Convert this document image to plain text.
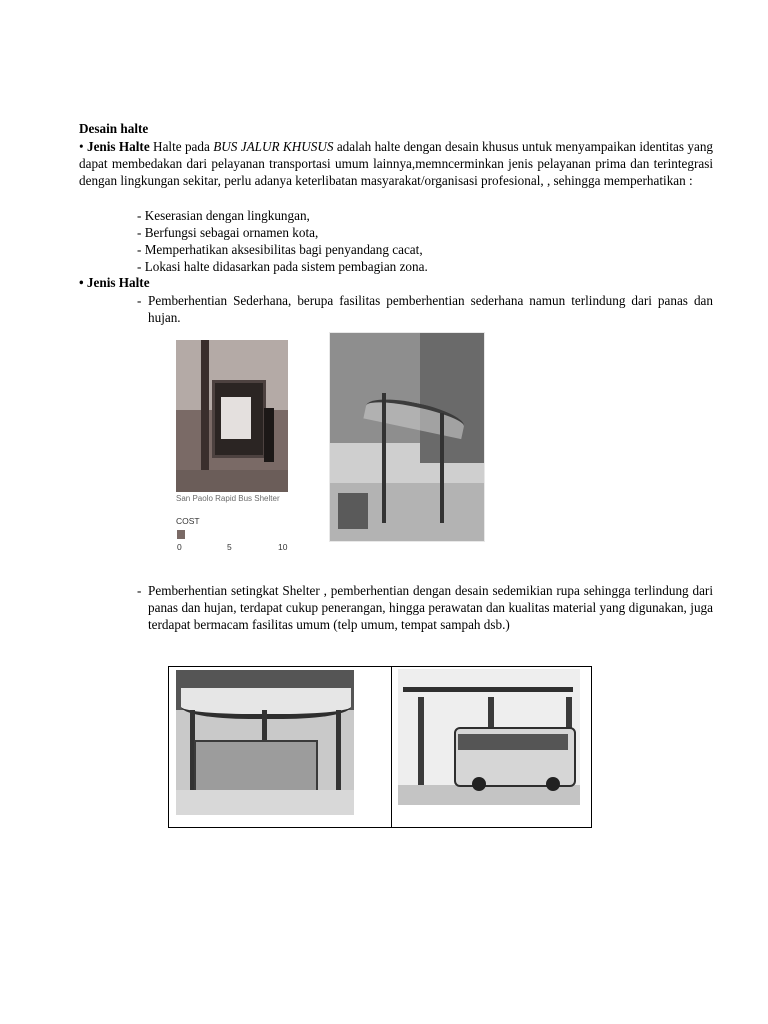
Desain halte
• Jenis Halte Halte pada BUS JALUR KHUSUS adalah halte dengan desain khusus untuk menyampaikan identitas yang dapat membedakan dari pelayanan transportasi umum lainnya,memncerminkan jenis pelayanan prima dan terintegrasi dengan lingkungan sekitar, perlu adanya keterlibatan masyarakat/organisasi profesional, , sehingga memperhatikan :
- Keserasian dengan lingkungan,
- Berfungsi sebagai ornamen kota,
- Memperhatikan aksesibilitas bagi penyandang cacat,
- Lokasi halte didasarkan pada sistem pembagian zona.
• Jenis Halte
- Pemberhentian Sederhana, berupa fasilitas pemberhentian sederhana namun terlindung dari panas dan hujan.
San Paolo Rapid Bus Shelter
COST
0	5	10
- Pemberhentian setingkat Shelter , pemberhentian dengan desain sedemikian rupa sehingga terlindung dari panas dan hujan, terdapat cukup penerangan, hingga perawatan dan kualitas material yang digunakan, juga terdapat bermacam fasilitas umum (telp umum, tempat sampah dsb.)
